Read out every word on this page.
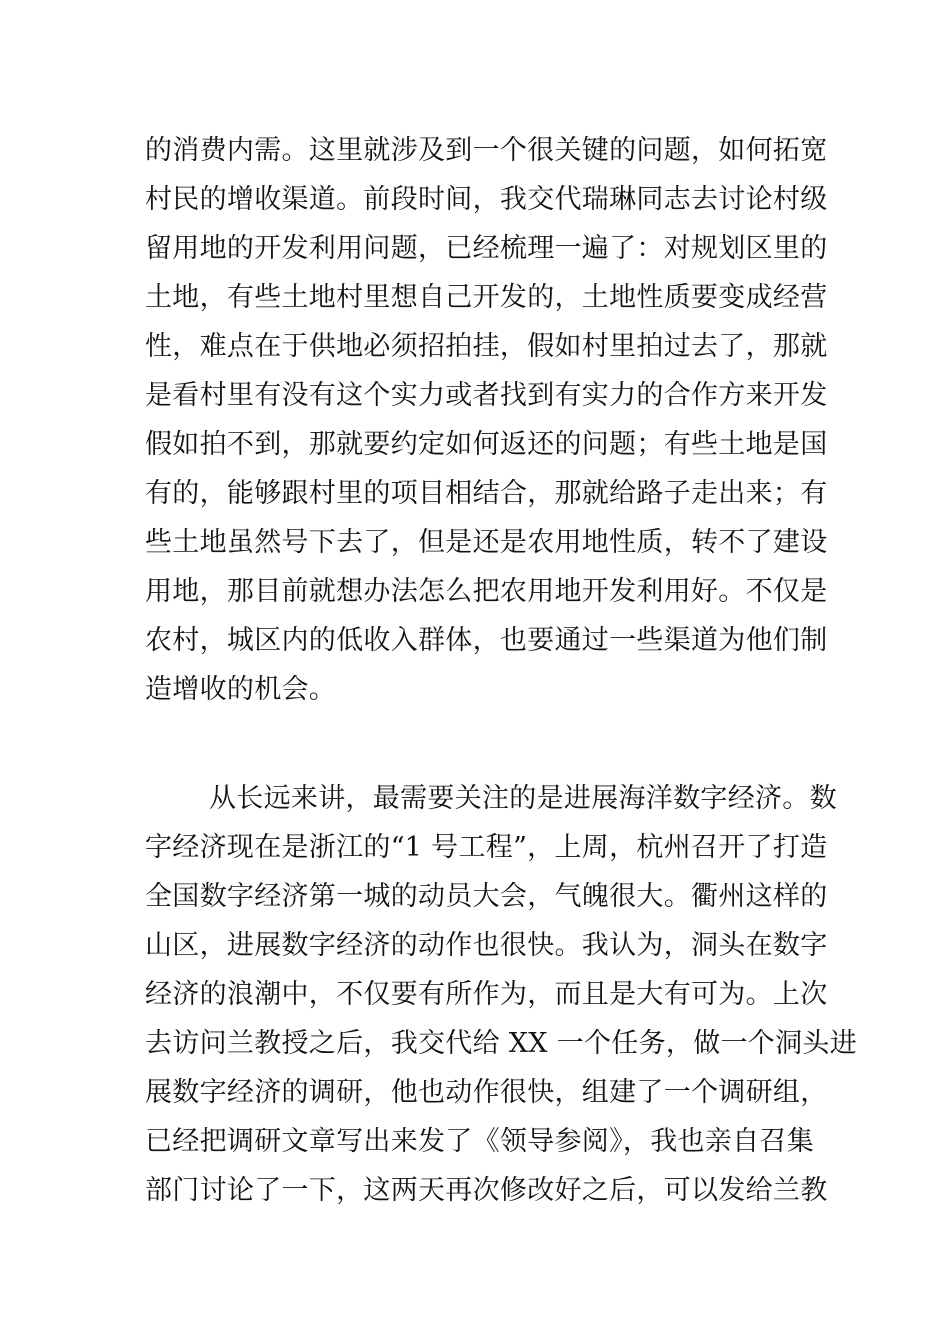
的消费内需。这里就涉及到一个很关键的问题，如何拓宽
村民的增收渠道。前段时间，我交代瑞琳同志去讨论村级
留用地的开发利用问题，已经梳理一遍了：对规划区里的
土地，有些土地村里想自己开发的，土地性质要变成经营
性，难点在于供地必须招拍挂，假如村里拍过去了，那就
是看村里有没有这个实力或者找到有实力的合作方来开发
假如拍不到，那就要约定如何返还的问题；有些土地是国
有的，能够跟村里的项目相结合，那就给路子走出来；有
些土地虽然号下去了，但是还是农用地性质，转不了建设
用地，那目前就想办法怎么把农用地开发利用好。不仅是
农村，城区内的低收入群体，也要通过一些渠道为他们制
造增收的机会。
从长远来讲，最需要关注的是进展海洋数字经济。数
字经济现在是浙江的“1 号工程”，上周，杭州召开了打造
全国数字经济第一城的动员大会，气魄很大。衢州这样的
山区，进展数字经济的动作也很快。我认为，洞头在数字
经济的浪潮中，不仅要有所作为，而且是大有可为。上次
去访问兰教授之后，我交代给 XX 一个任务，做一个洞头进
展数字经济的调研，他也动作很快，组建了一个调研组，
已经把调研文章写出来发了《领导参阅》，我也亲自召集
部门讨论了一下，这两天再次修改好之后，可以发给兰教
